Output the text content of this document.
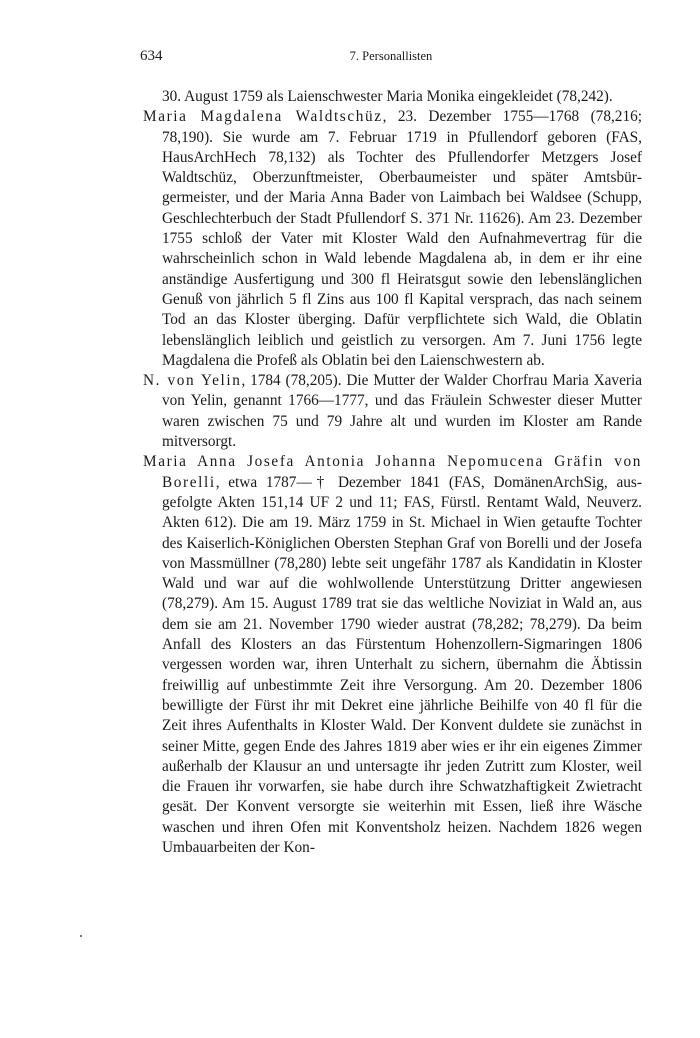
634	7. Personallisten

30. August 1759 als Laienschwester Maria Monika eingekleidet (78,242).

Maria Magdalena Waldtschüz, 23. Dezember 1755—1768 (78,216; 78,190). Sie wurde am 7. Februar 1719 in Pfullendorf geboren (FAS, HausArchHech 78,132) als Tochter des Pfullendorfer Metzgers Josef Waldtschüz, Oberzunftmeister, Oberbaumeister und später Amtsbürgermeister, und der Maria Anna Bader von Laimbach bei Waldsee (Schupp, Geschlechterbuch der Stadt Pfullendorf S. 371 Nr. 11626). Am 23. Dezember 1755 schloß der Vater mit Kloster Wald den Aufnahmevertrag für die wahrscheinlich schon in Wald lebende Magdalena ab, in dem er ihr eine anständige Ausfertigung und 300 fl Heiratsgut sowie den lebenslänglichen Genuß von jährlich 5 fl Zins aus 100 fl Kapital versprach, das nach seinem Tod an das Kloster überging. Dafür verpflichtete sich Wald, die Oblatin lebenslänglich leiblich und geistlich zu versorgen. Am 7. Juni 1756 legte Magdalena die Profeß als Oblatin bei den Laienschwestern ab.

N. von Yelin, 1784 (78,205). Die Mutter der Walder Chorfrau Maria Xaveria von Yelin, genannt 1766—1777, und das Fräulein Schwester dieser Mutter waren zwischen 75 und 79 Jahre alt und wurden im Kloster am Rande mitversorgt.

Maria Anna Josefa Antonia Johanna Nepomucena Gräfin von Borelli, etwa 1787—† Dezember 1841 (FAS, DomänenArchSig, ausgefolgte Akten 151,14 UF 2 und 11; FAS, Fürstl. Rentamt Wald, Neuverz. Akten 612). Die am 19. März 1759 in St. Michael in Wien getaufte Tochter des Kaiserlich-Königlichen Obersten Stephan Graf von Borelli und der Josefa von Massmüllner (78,280) lebte seit ungefähr 1787 als Kandidatin in Kloster Wald und war auf die wohlwollende Unterstützung Dritter angewiesen (78,279). Am 15. August 1789 trat sie das weltliche Noviziat in Wald an, aus dem sie am 21. November 1790 wieder austrat (78,282; 78,279). Da beim Anfall des Klosters an das Fürstentum Hohenzollern-Sigmaringen 1806 vergessen worden war, ihren Unterhalt zu sichern, übernahm die Äbtissin freiwillig auf unbestimmte Zeit ihre Versorgung. Am 20. Dezember 1806 bewilligte der Fürst ihr mit Dekret eine jährliche Beihilfe von 40 fl für die Zeit ihres Aufenthalts in Kloster Wald. Der Konvent duldete sie zunächst in seiner Mitte, gegen Ende des Jahres 1819 aber wies er ihr ein eigenes Zimmer außerhalb der Klausur an und untersagte ihr jeden Zutritt zum Kloster, weil die Frauen ihr vorwarfen, sie habe durch ihre Schwatzhaftigkeit Zwietracht gesät. Der Konvent versorgte sie weiterhin mit Essen, ließ ihre Wäsche waschen und ihren Ofen mit Konventsholz heizen. Nachdem 1826 wegen Umbauarbeiten der Kon-
